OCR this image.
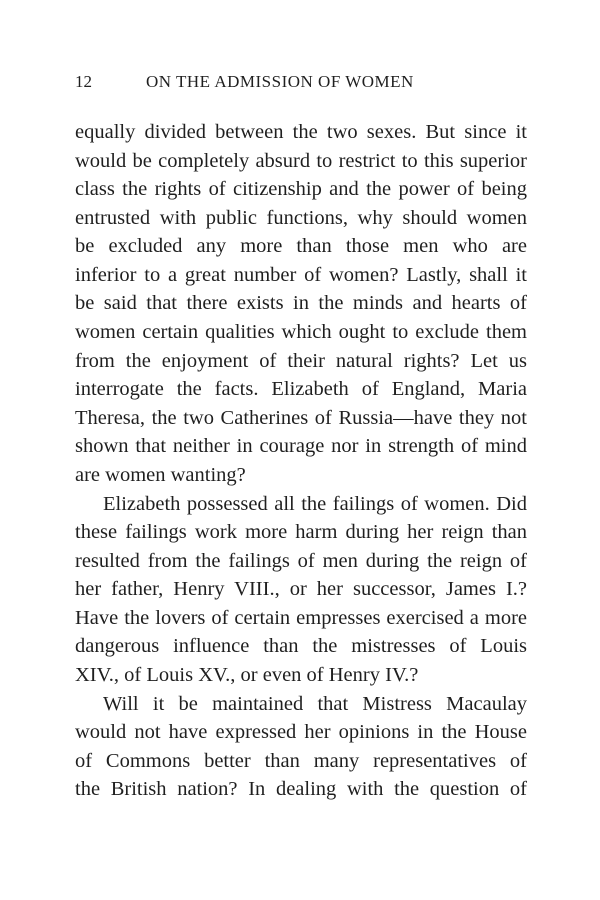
12	ON THE ADMISSION OF WOMEN
equally divided between the two sexes. But since it
would be completely absurd to restrict to this superior
class the rights of citizenship and the power of being
entrusted with public functions, why should women
be excluded any more than those men who are
inferior to a great number of women? Lastly, shall it
be said that there exists in the minds and hearts of
women certain qualities which ought to exclude them
from the enjoyment of their natural rights? Let us
interrogate the facts. Elizabeth of England, Maria
Theresa, the two Catherines of Russia—have they not
shown that neither in courage nor in strength of mind
are women wanting?
Elizabeth possessed all the failings of women. Did
these failings work more harm during her reign than
resulted from the failings of men during the reign of
her father, Henry VIII., or her successor, James I.?
Have the lovers of certain empresses exercised a more
dangerous influence than the mistresses of Louis
XIV., of Louis XV., or even of Henry IV.?
Will it be maintained that Mistress Macaulay
would not have expressed her opinions in the House
of Commons better than many representatives of
the British nation? In dealing with the question of
